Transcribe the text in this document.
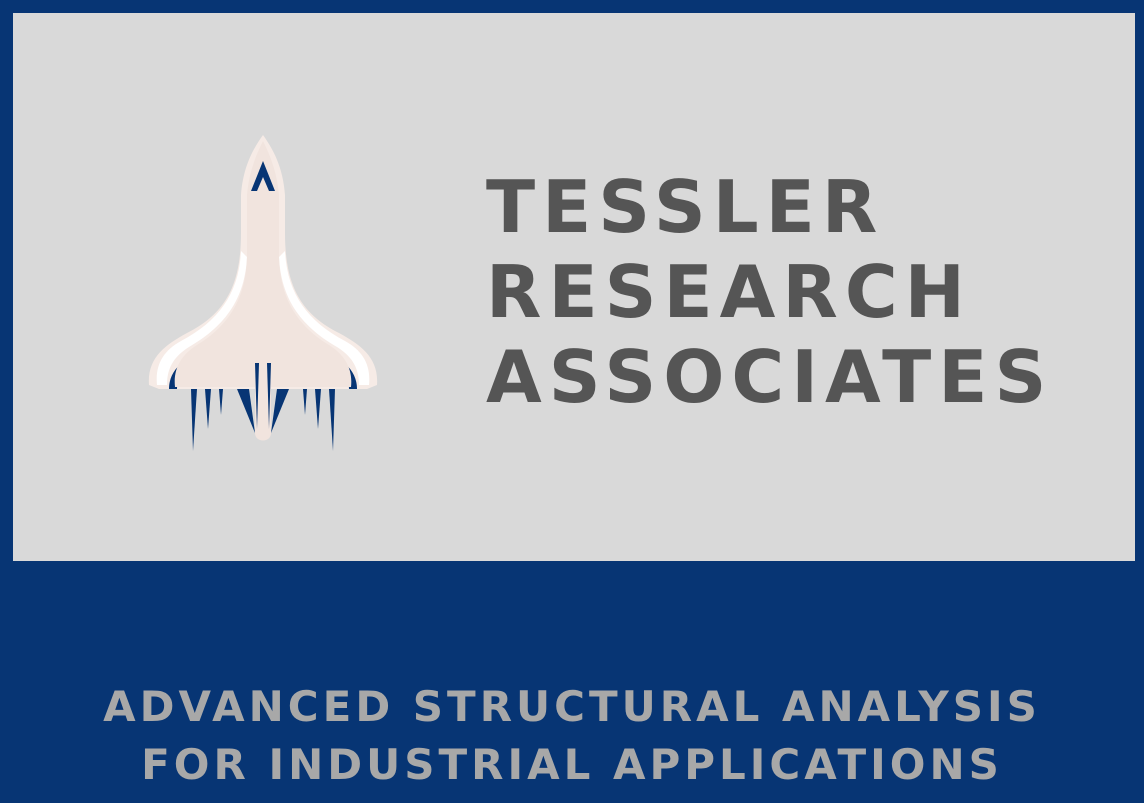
TESSLER
RESEARCH
ASSOCIATES
ADVANCED STRUCTURAL ANALYSIS
FOR INDUSTRIAL APPLICATIONS
